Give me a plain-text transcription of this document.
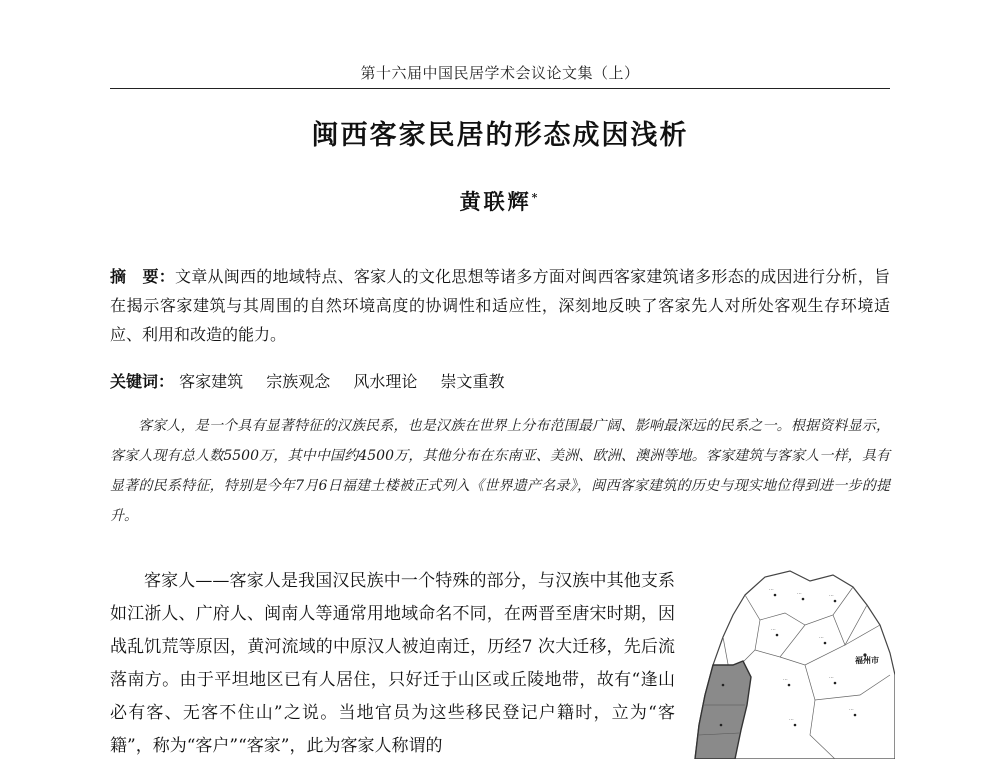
第十六届中国民居学术会议论文集（上）
闽西客家民居的形态成因浅析
黄联辉*
摘　要：文章从闽西的地域特点、客家人的文化思想等诸多方面对闽西客家建筑诸多形态的成因进行分析，旨在揭示客家建筑与其周围的自然环境高度的协调性和适应性，深刻地反映了客家先人对所处客观生存环境适应、利用和改造的能力。
关键词： 客家建筑 宗族观念 风水理论 崇文重教

客家人，是一个具有显著特征的汉族民系，也是汉族在世界上分布范围最广阔、影响最深远的民系之一。根据资料显示，客家人现有总人数5500万，其中中国约4500万，其他分布在东南亚、美洲、欧洲、澳洲等地。客家建筑与客家人一样，具有显著的民系特征，特别是今年7月6日福建土楼被正式列入《世界遗产名录》，闽西客家建筑的历史与现实地位得到进一步的提升。

客家人——客家人是我国汉民族中一个特殊的部分，与汉族中其他支系如江浙人、广府人、闽南人等通常用地域命名不同，在两晋至唐宋时期，因战乱饥荒等原因，黄河流域的中原汉人被迫南迁，历经7 次大迁移，先后流落南方。由于平坦地区已有人居住，只好迁于山区或丘陵地带，故有“逢山必有客、无客不住山”之说。当地官员为这些移民登记户籍时，立为“客籍”，称为“客户”“客家”，此为客家人称谓的

···
···	···
···
···
···	···
···
···
福州市
